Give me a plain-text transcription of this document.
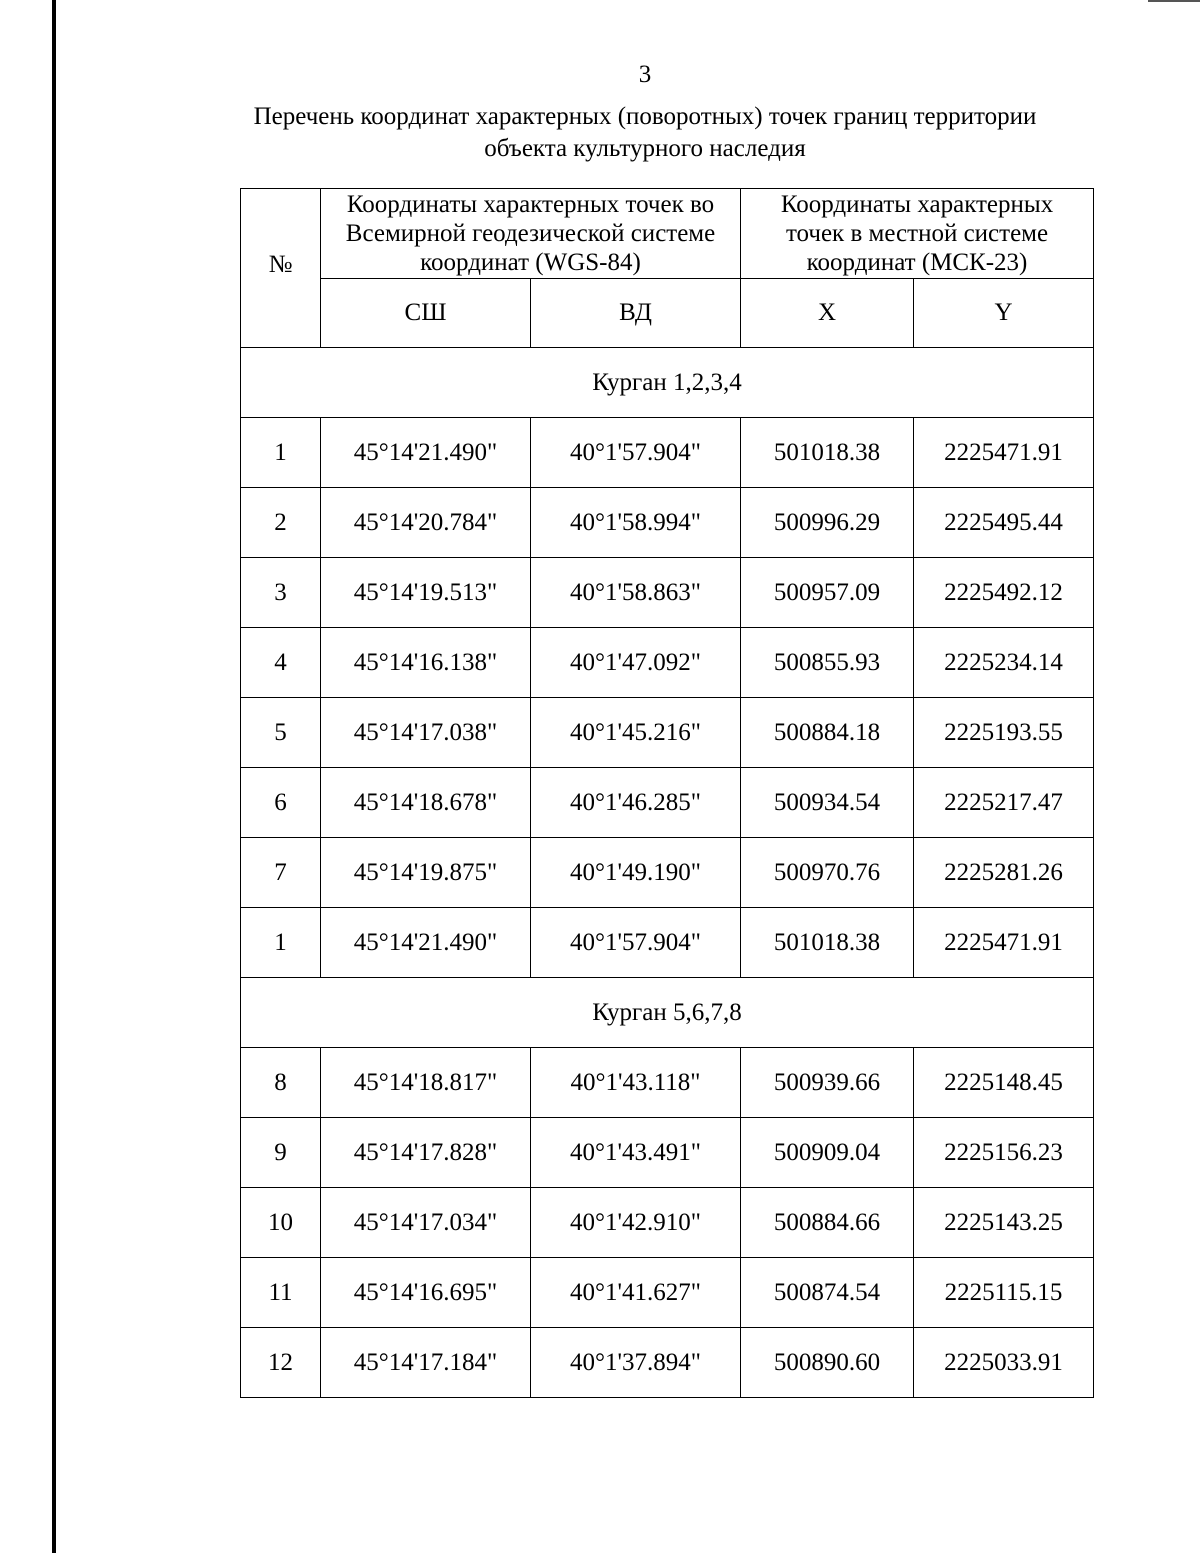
3
Перечень координат характерных (поворотных) точек границ территории объекта культурного наследия
№	Координаты характерных точек во Всемирной геодезической системе координат (WGS-84)		Координаты характерных точек в местной системе координат (МСК-23)	
	СШ	ВД	X	Y
Курган 1,2,3,4				
1	45°14'21.490"	40°1'57.904"	501018.38	2225471.91
2	45°14'20.784"	40°1'58.994"	500996.29	2225495.44
3	45°14'19.513"	40°1'58.863"	500957.09	2225492.12
4	45°14'16.138"	40°1'47.092"	500855.93	2225234.14
5	45°14'17.038"	40°1'45.216"	500884.18	2225193.55
6	45°14'18.678"	40°1'46.285"	500934.54	2225217.47
7	45°14'19.875"	40°1'49.190"	500970.76	2225281.26
1	45°14'21.490"	40°1'57.904"	501018.38	2225471.91
Курган 5,6,7,8				
8	45°14'18.817"	40°1'43.118"	500939.66	2225148.45
9	45°14'17.828"	40°1'43.491"	500909.04	2225156.23
10	45°14'17.034"	40°1'42.910"	500884.66	2225143.25
11	45°14'16.695"	40°1'41.627"	500874.54	2225115.15
12	45°14'17.184"	40°1'37.894"	500890.60	2225033.91
